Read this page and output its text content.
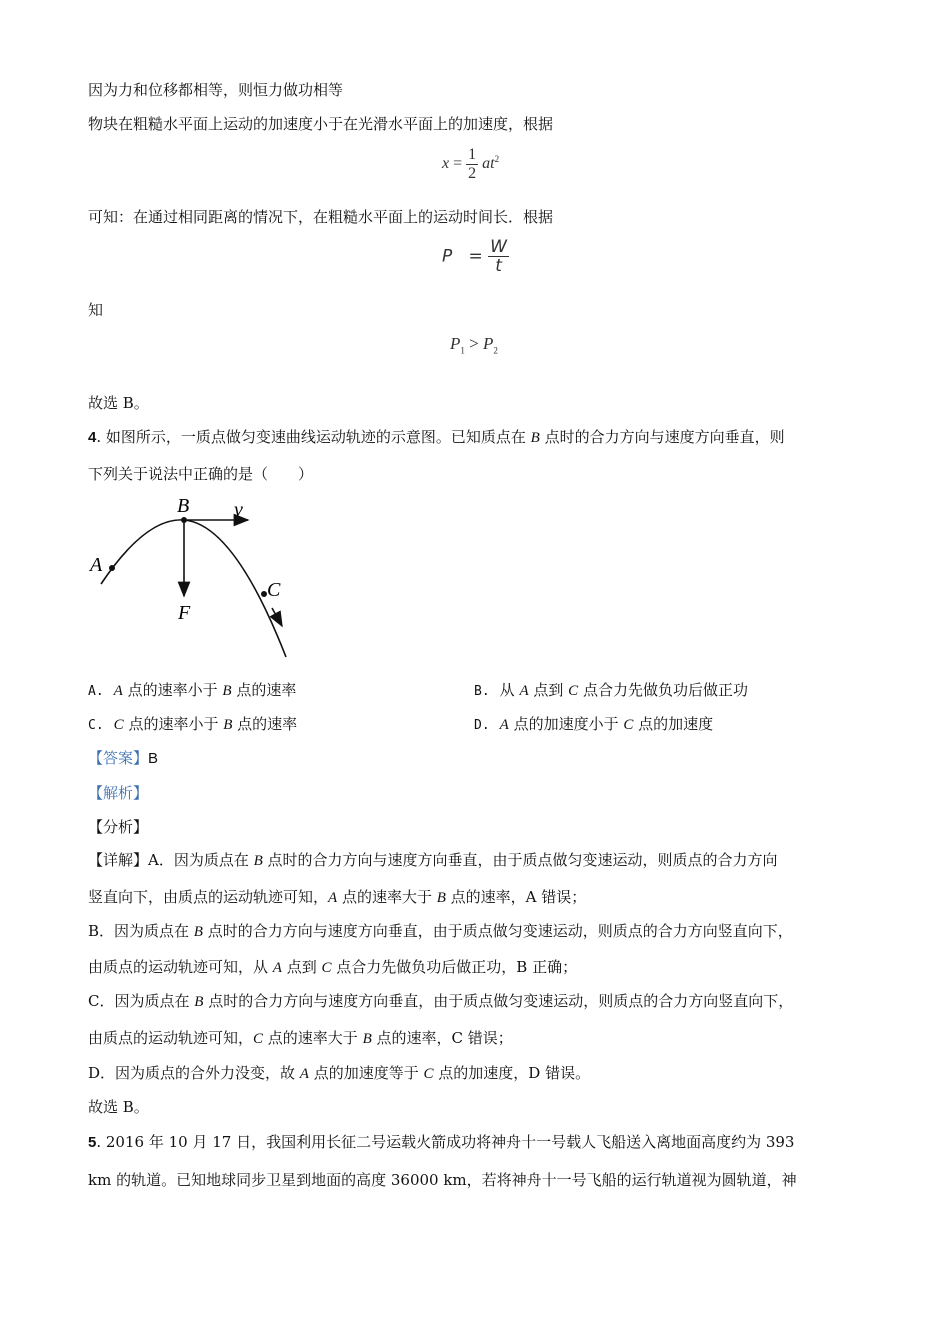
因为力和位移都相等，则恒力做功相等
物块在粗糙水平面上运动的加速度小于在光滑水平面上的加速度，根据
$x = \frac{1}{2} at^2$
可知：在通过相同距离的情况下，在粗糙水平面上的运动时间长．根据
$P = \frac{W}{t}$
知
$P_1 > P_2$
故选 B。
4. 如图所示，一质点做匀变速曲线运动轨迹的示意图。已知质点在 B 点时的合力方向与速度方向垂直，则
下列关于说法中正确的是（　　）
A
B v
F
C
A. A 点的速率小于 B 点的速率	B. 从 A 点到 C 点合力先做负功后做正功
C. C 点的速率小于 B 点的速率	D. A 点的加速度小于 C 点的加速度
【答案】B
【解析】
【分析】
【详解】A．因为质点在 B 点时的合力方向与速度方向垂直，由于质点做匀变速运动，则质点的合力方向
竖直向下，由质点的运动轨迹可知，A 点的速率大于 B 点的速率，A 错误；
B．因为质点在 B 点时的合力方向与速度方向垂直，由于质点做匀变速运动，则质点的合力方向竖直向下，
由质点的运动轨迹可知，从 A 点到 C 点合力先做负功后做正功，B 正确；
C．因为质点在 B 点时的合力方向与速度方向垂直，由于质点做匀变速运动，则质点的合力方向竖直向下，
由质点的运动轨迹可知，C 点的速率大于 B 点的速率，C 错误；
D．因为质点的合外力没变，故 A 点的加速度等于 C 点的加速度，D 错误。
故选 B。
5. 2016 年 10 月 17 日，我国利用长征二号运载火箭成功将神舟十一号载人飞船送入离地面高度约为 393
km 的轨道。已知地球同步卫星到地面的高度 36000 km，若将神舟十一号飞船的运行轨道视为圆轨道，神
